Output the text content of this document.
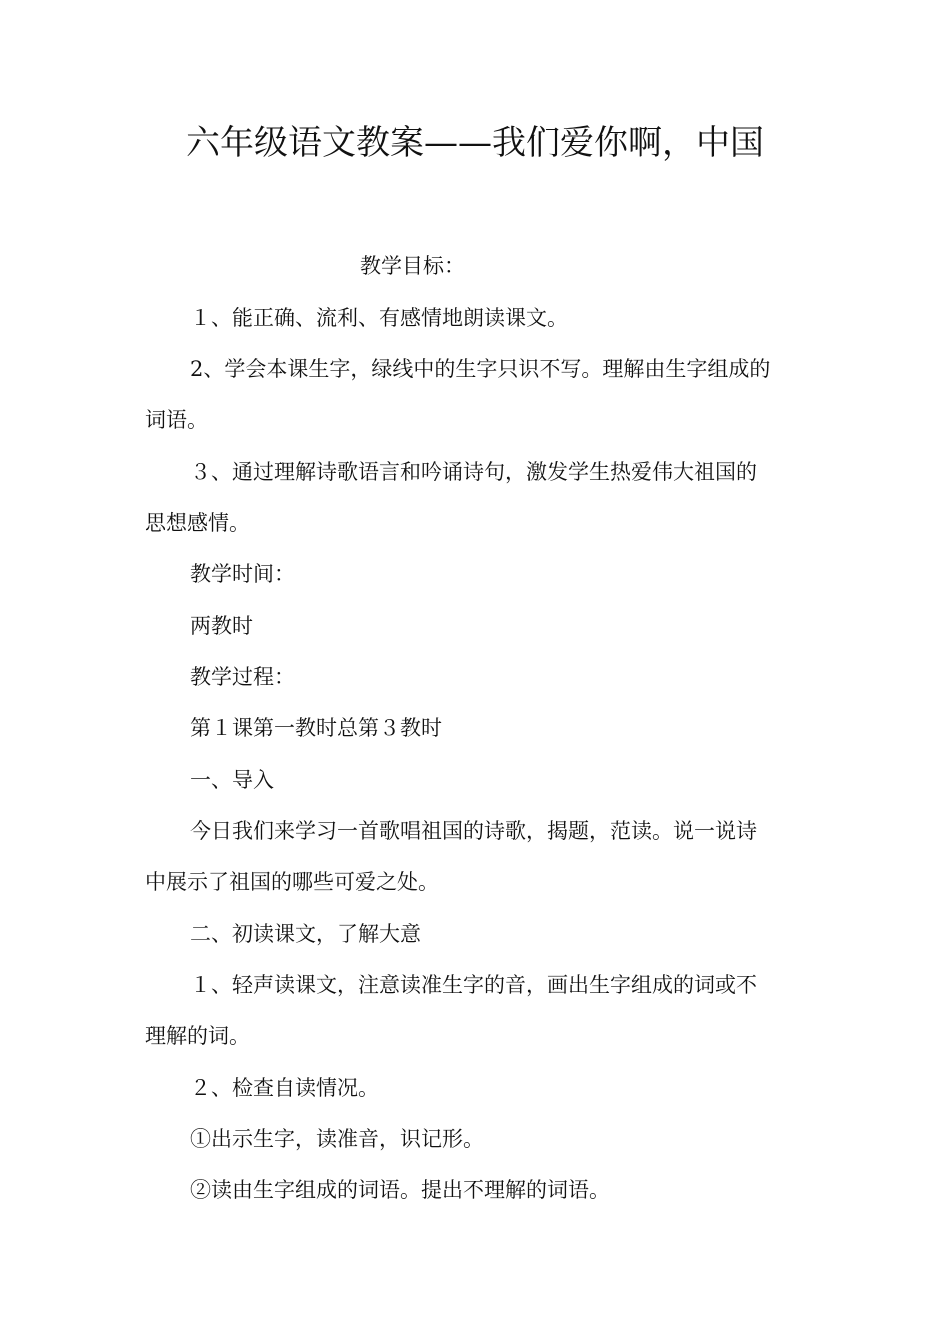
六年级语文教案——我们爱你啊，中国
教学目标：
１、能正确、流利、有感情地朗读课文。
2、学会本课生字，绿线中的生字只识不写。理解由生字组成的
词语。
３、通过理解诗歌语言和吟诵诗句，激发学生热爱伟大祖国的
思想感情。
教学时间：
两教时
教学过程：
第１课第一教时总第３教时
一、导入
今日我们来学习一首歌唱祖国的诗歌，揭题，范读。说一说诗
中展示了祖国的哪些可爱之处。
二、初读课文，了解大意
１、轻声读课文，注意读准生字的音，画出生字组成的词或不
理解的词。
２、检查自读情况。
①出示生字，读准音，识记形。
②读由生字组成的词语。提出不理解的词语。
